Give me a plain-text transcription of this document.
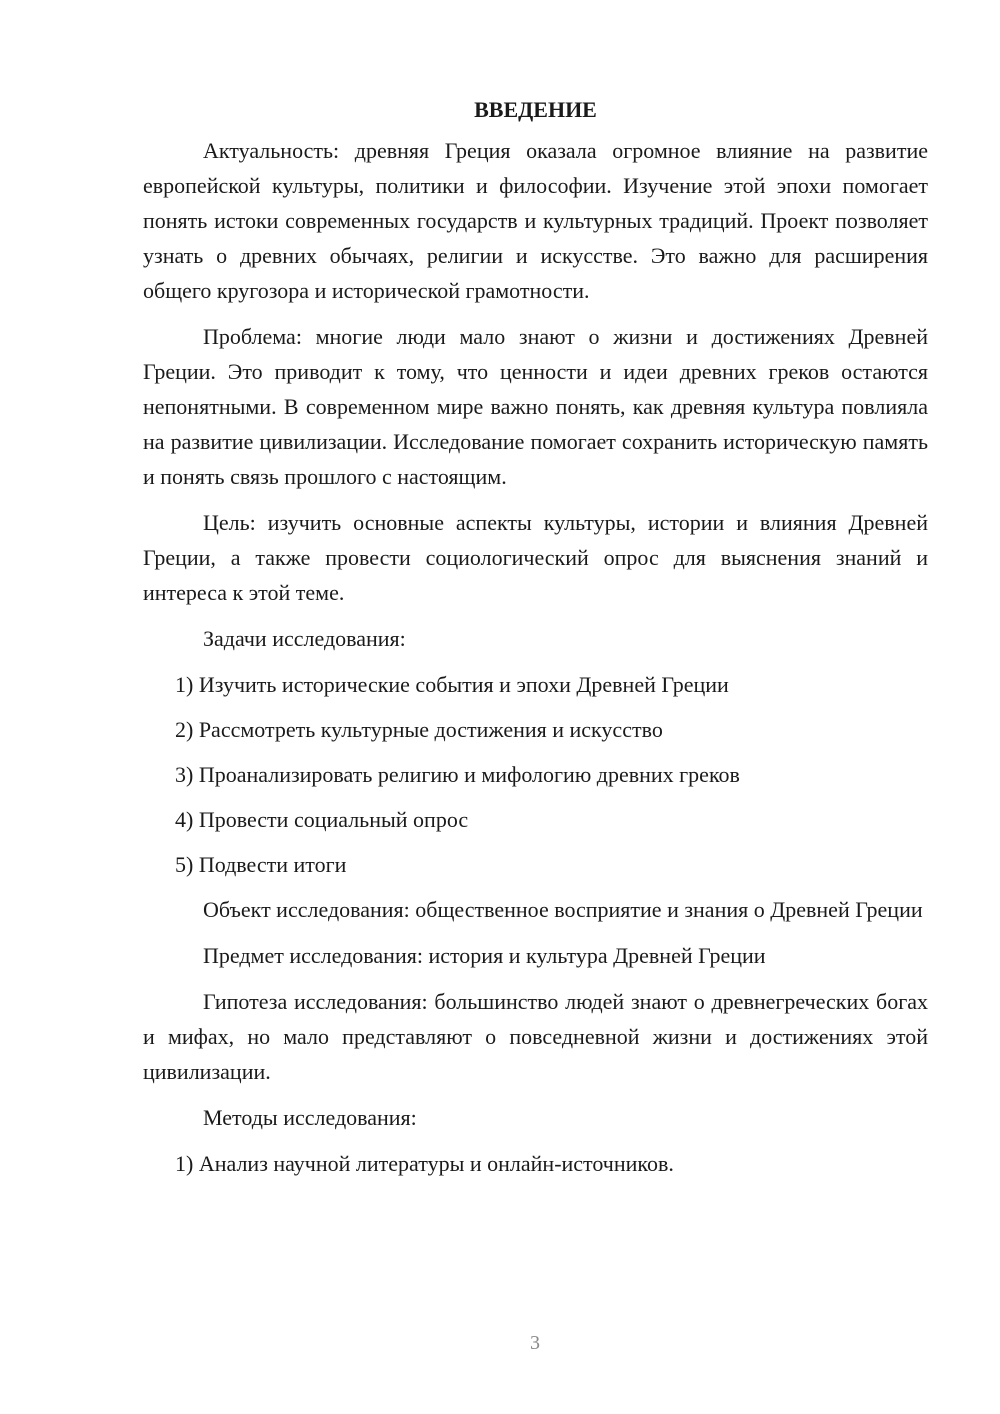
ВВЕДЕНИЕ

Актуальность: древняя Греция оказала огромное влияние на развитие европейской культуры, политики и философии. Изучение этой эпохи помогает понять истоки современных государств и культурных традиций. Проект позволяет узнать о древних обычаях, религии и искусстве. Это важно для расширения общего кругозора и исторической грамотности.

Проблема: многие люди мало знают о жизни и достижениях Древней Греции. Это приводит к тому, что ценности и идеи древних греков остаются непонятными. В современном мире важно понять, как древняя культура повлияла на развитие цивилизации. Исследование помогает сохранить историческую память и понять связь прошлого с настоящим.

Цель: изучить основные аспекты культуры, истории и влияния Древней Греции, а также провести социологический опрос для выяснения знаний и интереса к этой теме.

Задачи исследования:

1) Изучить исторические события и эпохи Древней Греции

2) Рассмотреть культурные достижения и искусство

3) Проанализировать религию и мифологию древних греков

4) Провести социальный опрос

5) Подвести итоги

Объект исследования: общественное восприятие и знания о Древней Греции

Предмет исследования: история и культура Древней Греции

Гипотеза исследования: большинство людей знают о древнегреческих богах и мифах, но мало представляют о повседневной жизни и достижениях этой цивилизации.

Методы исследования:

1) Анализ научной литературы и онлайн-источников.

3
